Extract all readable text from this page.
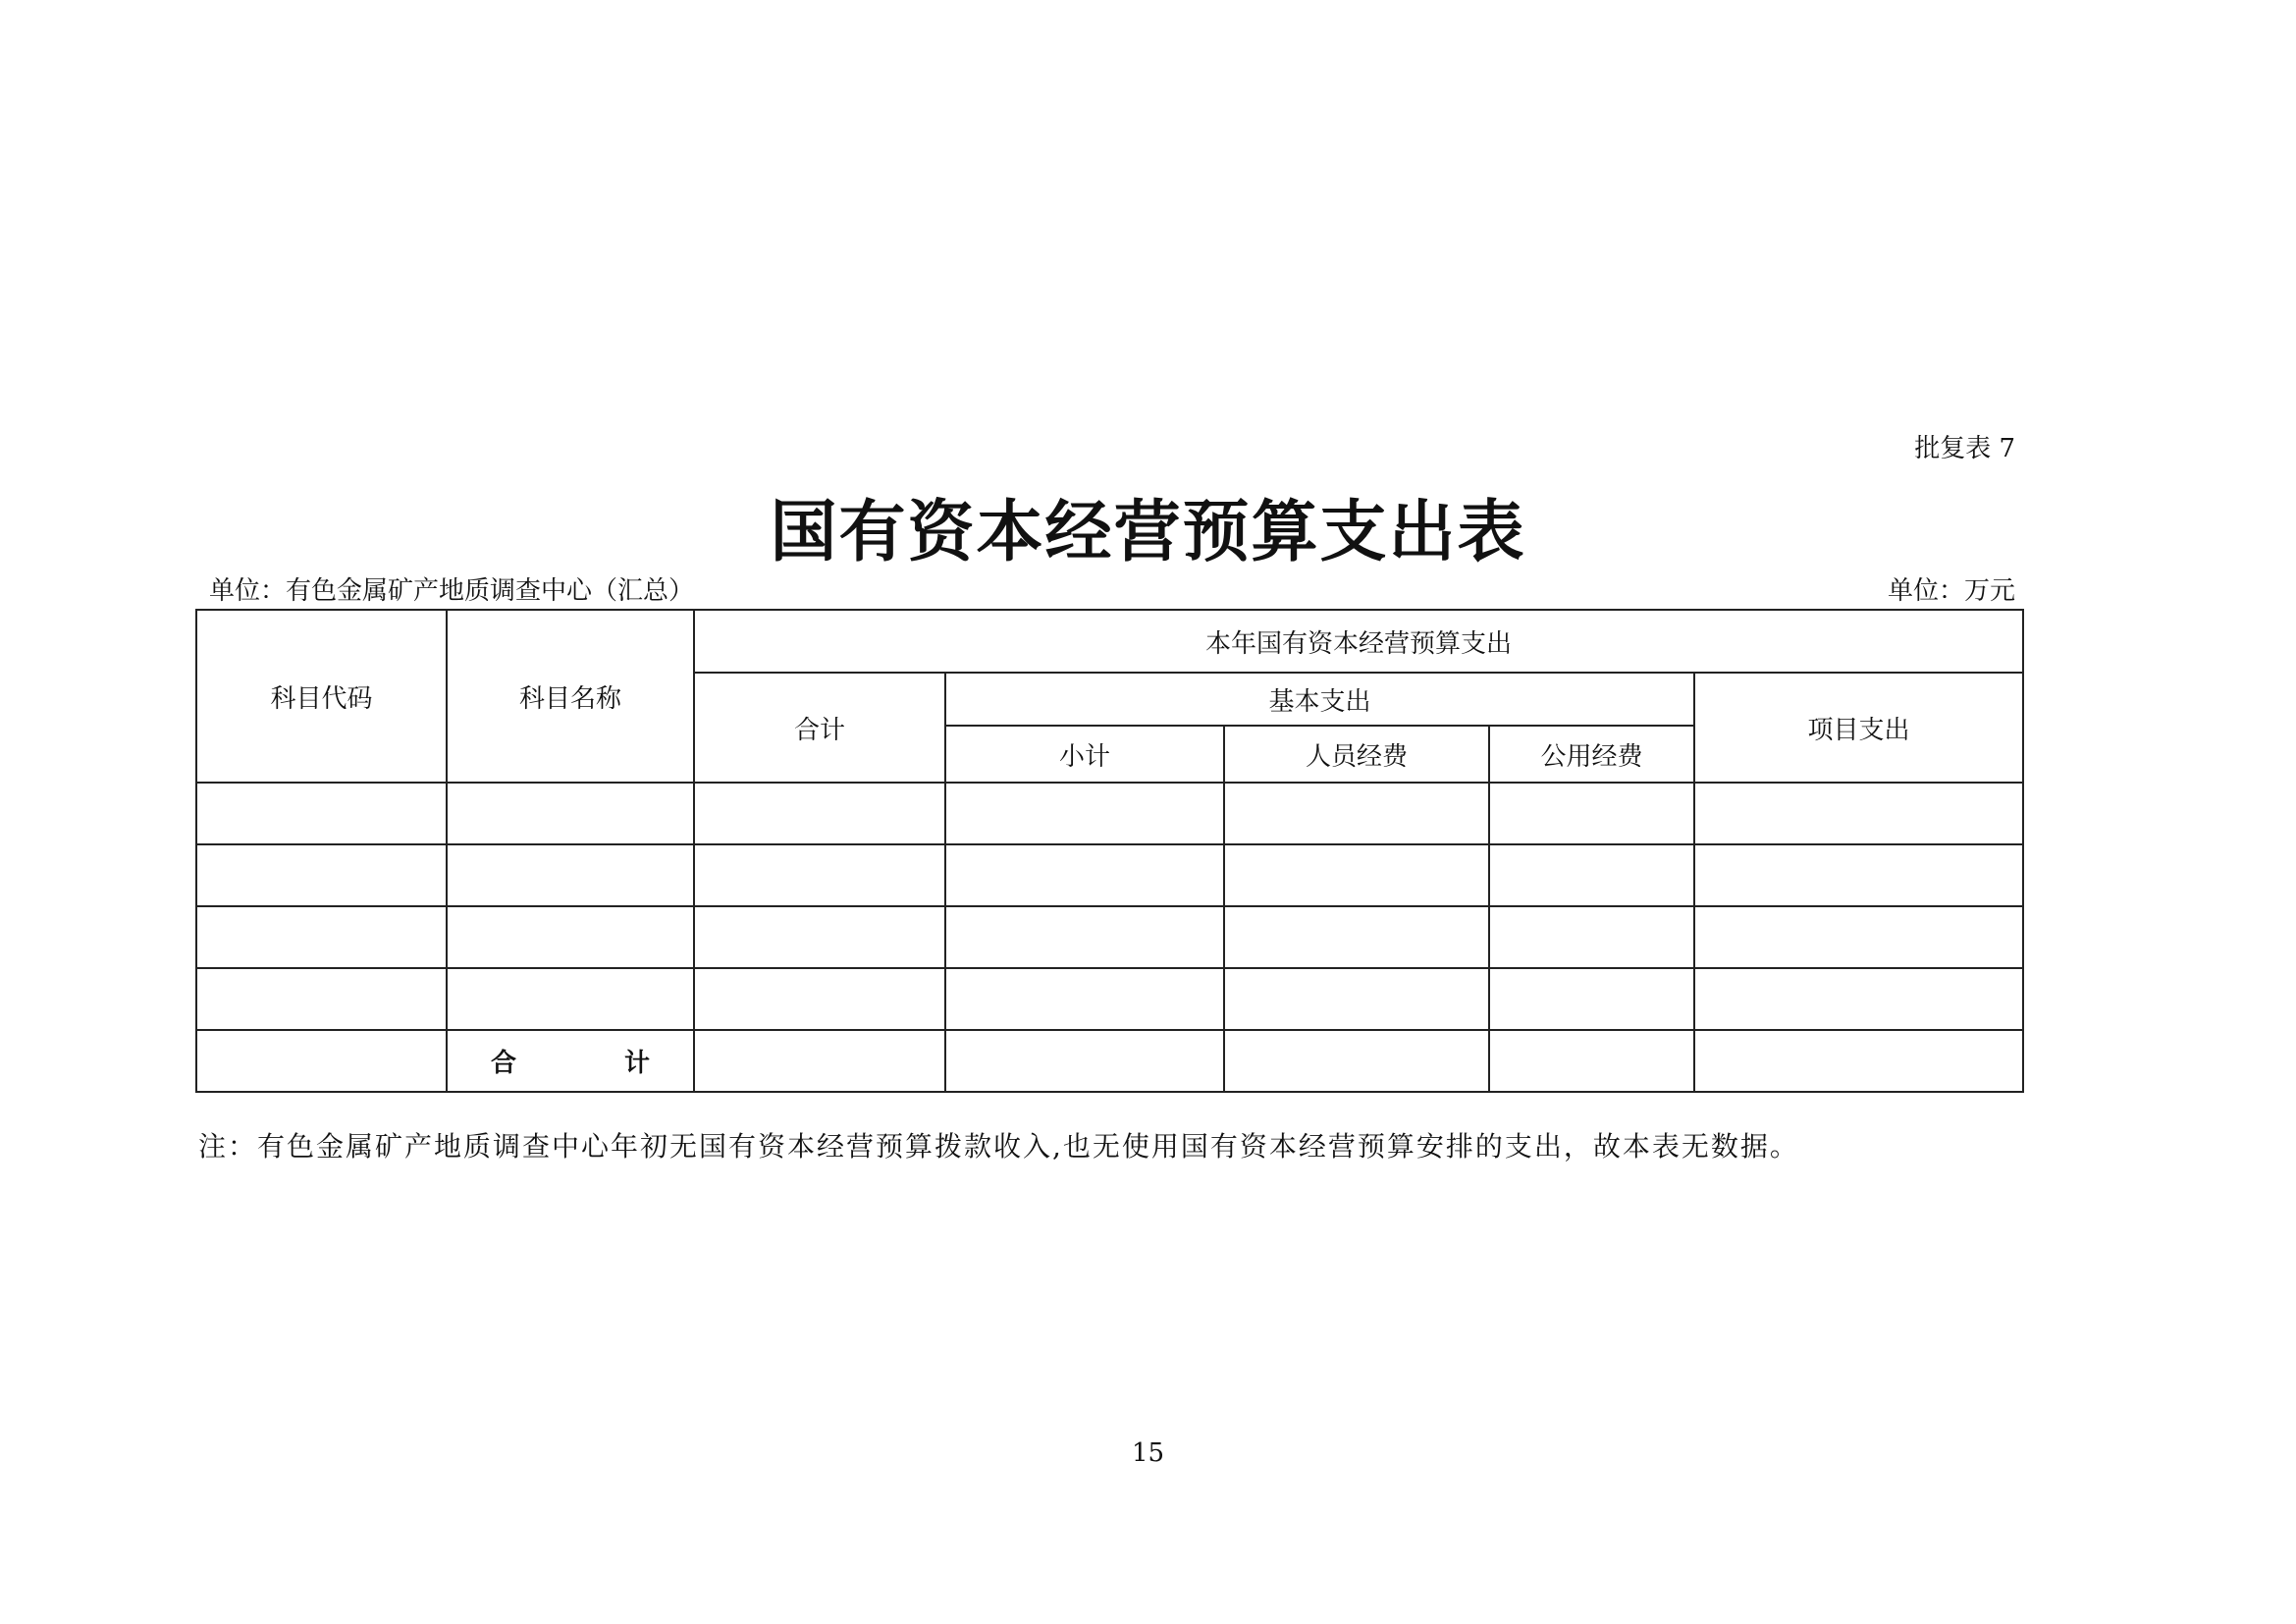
批复表 7
国有资本经营预算支出表
单位：有色金属矿产地质调查中心（汇总）	单位：万元
科目代码	科目名称	本年国有资本经营预算支出				
		合计	基本支出			项目支出
			小计	人员经费	公用经费	

	合 计					
注：有色金属矿产地质调查中心年初无国有资本经营预算拨款收入,也无使用国有资本经营预算安排的支出，故本表无数据。
15
